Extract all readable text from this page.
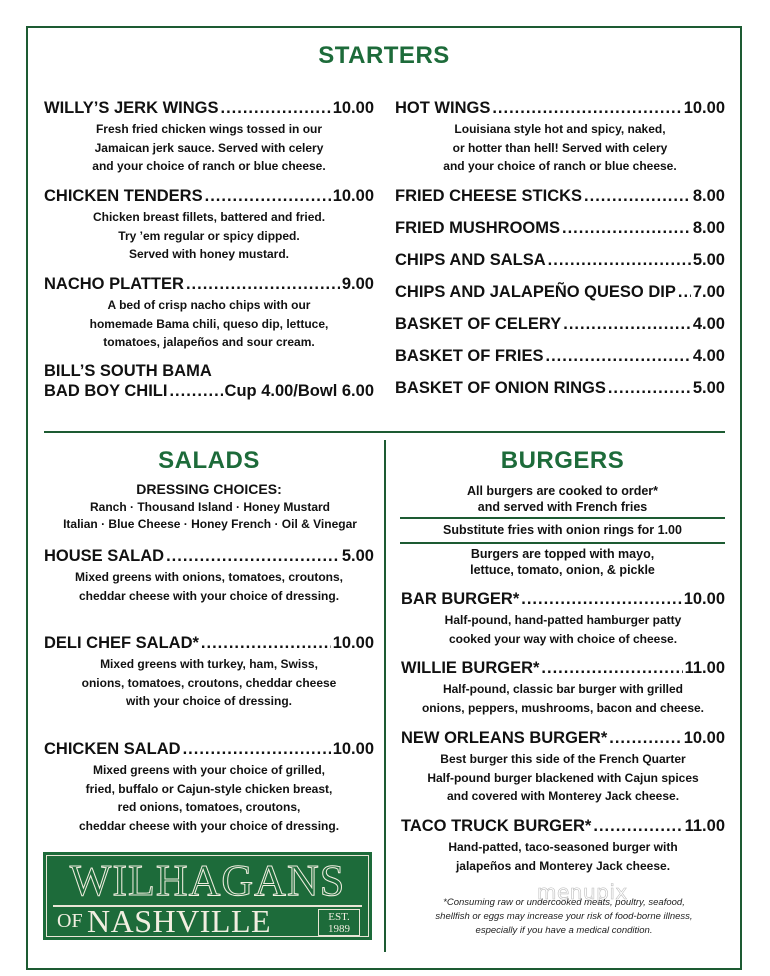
STARTERS
WILLY’S JERK WINGS .....	10.00
Fresh fried chicken wings tossed in our
Jamaican jerk sauce. Served with celery
and your choice of ranch or blue cheese.
CHICKEN TENDERS .....	10.00
Chicken breast fillets, battered and fried.
Try ’em regular or spicy dipped.
Served with honey mustard.
NACHO PLATTER .....	9.00
A bed of crisp nacho chips with our
homemade Bama chili, queso dip, lettuce,
tomatoes, jalapeños and sour cream.
BILL’S SOUTH BAMA
BAD BOY CHILI .....	Cup 4.00/Bowl 6.00
HOT WINGS .....	10.00
Louisiana style hot and spicy, naked,
or hotter than hell! Served with celery
and your choice of ranch or blue cheese.
FRIED CHEESE STICKS .....	8.00
FRIED MUSHROOMS .....	8.00
CHIPS AND SALSA .....	5.00
CHIPS AND JALAPEÑO QUESO DIP ..... 7.00
BASKET OF CELERY .....	4.00
BASKET OF FRIES .....	4.00
BASKET OF ONION RINGS .....	5.00
SALADS
DRESSING CHOICES:
Ranch · Thousand Island · Honey Mustard
Italian · Blue Cheese · Honey French · Oil & Vinegar
HOUSE SALAD .....	5.00
Mixed greens with onions, tomatoes, croutons,
cheddar cheese with your choice of dressing.
DELI CHEF SALAD* .....	10.00
Mixed greens with turkey, ham, Swiss,
onions, tomatoes, croutons, cheddar cheese
with your choice of dressing.
CHICKEN SALAD .....	10.00
Mixed greens with your choice of grilled,
fried, buffalo or Cajun-style chicken breast,
red onions, tomatoes, croutons,
cheddar cheese with your choice of dressing.
WILHAGANS
OF NASHVILLE	EST.
1989
BURGERS
All burgers are cooked to order*
and served with French fries
Substitute fries with onion rings for 1.00
Burgers are topped with mayo,
lettuce, tomato, onion, & pickle
BAR BURGER* .....	10.00
Half-pound, hand-patted hamburger patty
cooked your way with choice of cheese.
WILLIE BURGER* .....	11.00
Half-pound, classic bar burger with grilled
onions, peppers, mushrooms, bacon and cheese.
NEW ORLEANS BURGER* .....	10.00
Best burger this side of the French Quarter
Half-pound burger blackened with Cajun spices
and covered with Monterey Jack cheese.
TACO TRUCK BURGER* .....	11.00
Hand-patted, taco-seasoned burger with
jalapeños and Monterey Jack cheese.
menupix
*Consuming raw or undercooked meats, poultry, seafood,
shellfish or eggs may increase your risk of food-borne illness,
especially if you have a medical condition.
